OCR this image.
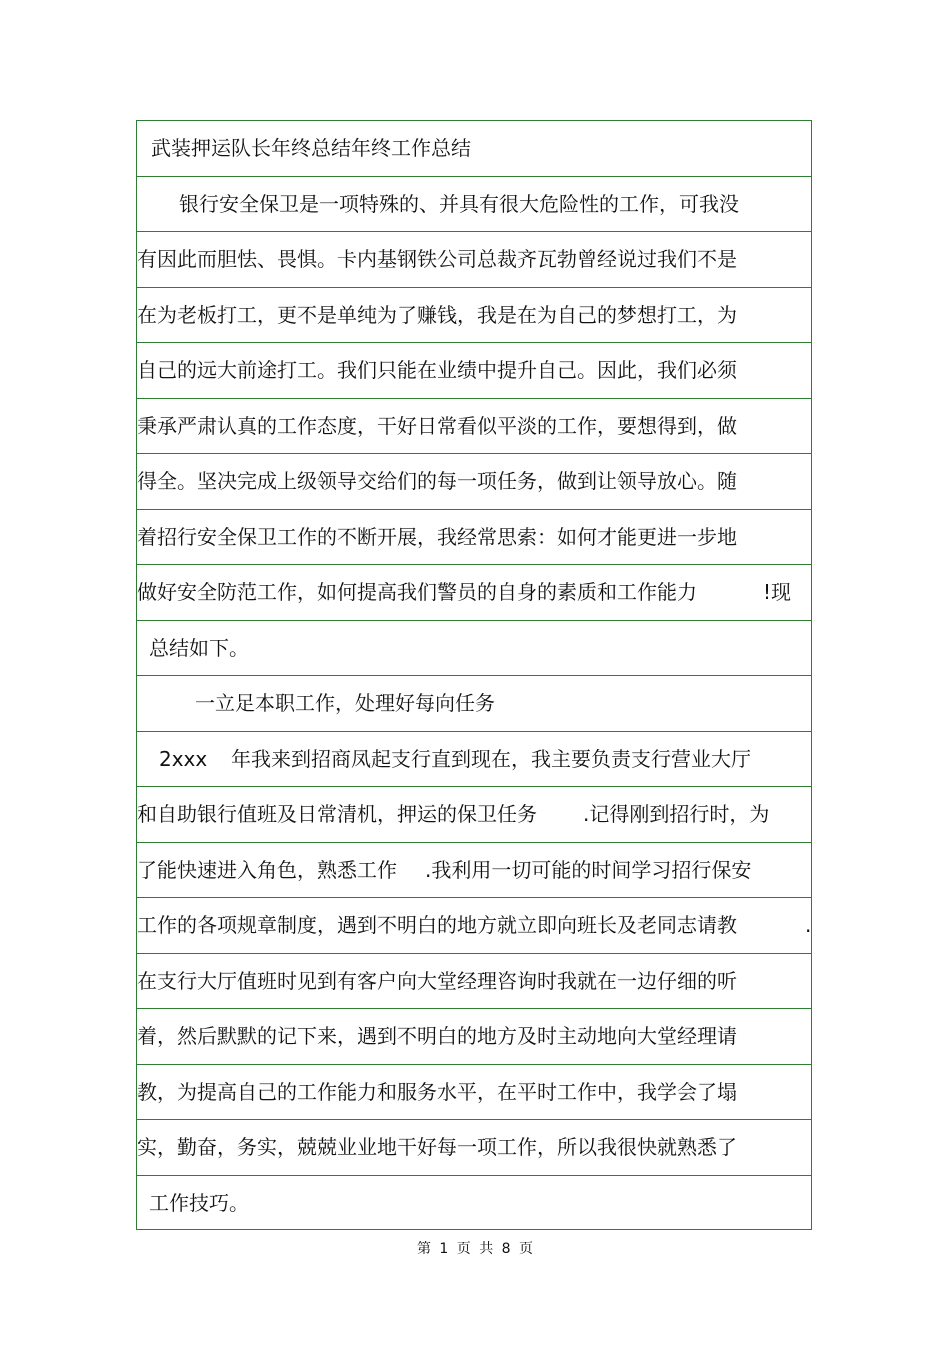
武装押运队长年终总结年终工作总结
银行安全保卫是一项特殊的、并具有很大危险性的工作，可我没
有因此而胆怯、畏惧。卡内基钢铁公司总裁齐瓦勃曾经说过我们不是
在为老板打工，更不是单纯为了赚钱，我是在为自己的梦想打工，为
自己的远大前途打工。我们只能在业绩中提升自己。因此，我们必须
秉承严肃认真的工作态度，干好日常看似平淡的工作，要想得到，做
得全。坚决完成上级领导交给们的每一项任务，做到让领导放心。随
着招行安全保卫工作的不断开展，我经常思索：如何才能更进一步地
做好安全防范工作，如何提高我们警员的自身的素质和工作能力	!现
总结如下。
一立足本职工作，处理好每向任务
2xxx 年我来到招商凤起支行直到现在，我主要负责支行营业大厅
和自助银行值班及日常清机，押运的保卫任务 .记得刚到招行时，为
了能快速进入角色，熟悉工作 .我利用一切可能的时间学习招行保安
工作的各项规章制度，遇到不明白的地方就立即向班长及老同志请教	.
在支行大厅值班时见到有客户向大堂经理咨询时我就在一边仔细的听
着，然后默默的记下来，遇到不明白的地方及时主动地向大堂经理请
教，为提高自己的工作能力和服务水平，在平时工作中，我学会了塌
实，勤奋，务实，兢兢业业地干好每一项工作，所以我很快就熟悉了
工作技巧。
第 1 页 共 8 页
